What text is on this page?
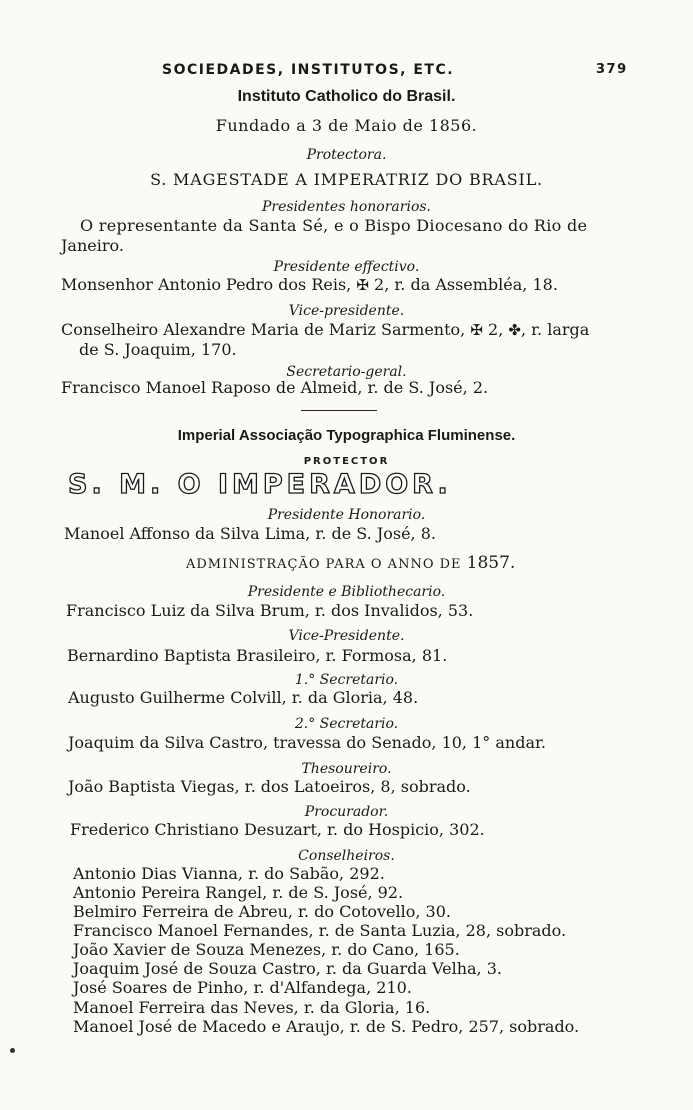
SOCIEDADES, INSTITUTOS, ETC.	379
Instituto Catholico do Brasil.
Fundado a 3 de Maio de 1856.
Protectora.
S. MAGESTADE A IMPERATRIZ DO BRASIL.
Presidentes honorarios.
O representante da Santa Sé, e o Bispo Diocesano do Rio de
Janeiro.
Presidente effectivo.
Monsenhor Antonio Pedro dos Reis, ✠ 2, r. da Assembléa, 18.
Vice-presidente.
Conselheiro Alexandre Maria de Mariz Sarmento, ✠ 2, ✤, r. larga
de S. Joaquim, 170.
Secretario-geral.
Francisco Manoel Raposo de Almeid, r. de S. José, 2.
Imperial Associação Typographica Fluminense.
PROTECTOR
S. M. O IMPERADOR.
Presidente Honorario.
Manoel Affonso da Silva Lima, r. de S. José, 8.
ADMINISTRAÇÃO PARA O ANNO DE 1857.
Presidente e Bibliothecario.
Francisco Luiz da Silva Brum, r. dos Invalidos, 53.
Vice-Presidente.
Bernardino Baptista Brasileiro, r. Formosa, 81.
1.° Secretario.
Augusto Guilherme Colvill, r. da Gloria, 48.
2.° Secretario.
Joaquim da Silva Castro, travessa do Senado, 10, 1° andar.
Thesoureiro.
João Baptista Viegas, r. dos Latoeiros, 8, sobrado.
Procurador.
Frederico Christiano Desuzart, r. do Hospicio, 302.
Conselheiros.
Antonio Dias Vianna, r. do Sabão, 292.
Antonio Pereira Rangel, r. de S. José, 92.
Belmiro Ferreira de Abreu, r. do Cotovello, 30.
Francisco Manoel Fernandes, r. de Santa Luzia, 28, sobrado.
João Xavier de Souza Menezes, r. do Cano, 165.
Joaquim José de Souza Castro, r. da Guarda Velha, 3.
José Soares de Pinho, r. d'Alfandega, 210.
Manoel Ferreira das Neves, r. da Gloria, 16.
Manoel José de Macedo e Araujo, r. de S. Pedro, 257, sobrado.
